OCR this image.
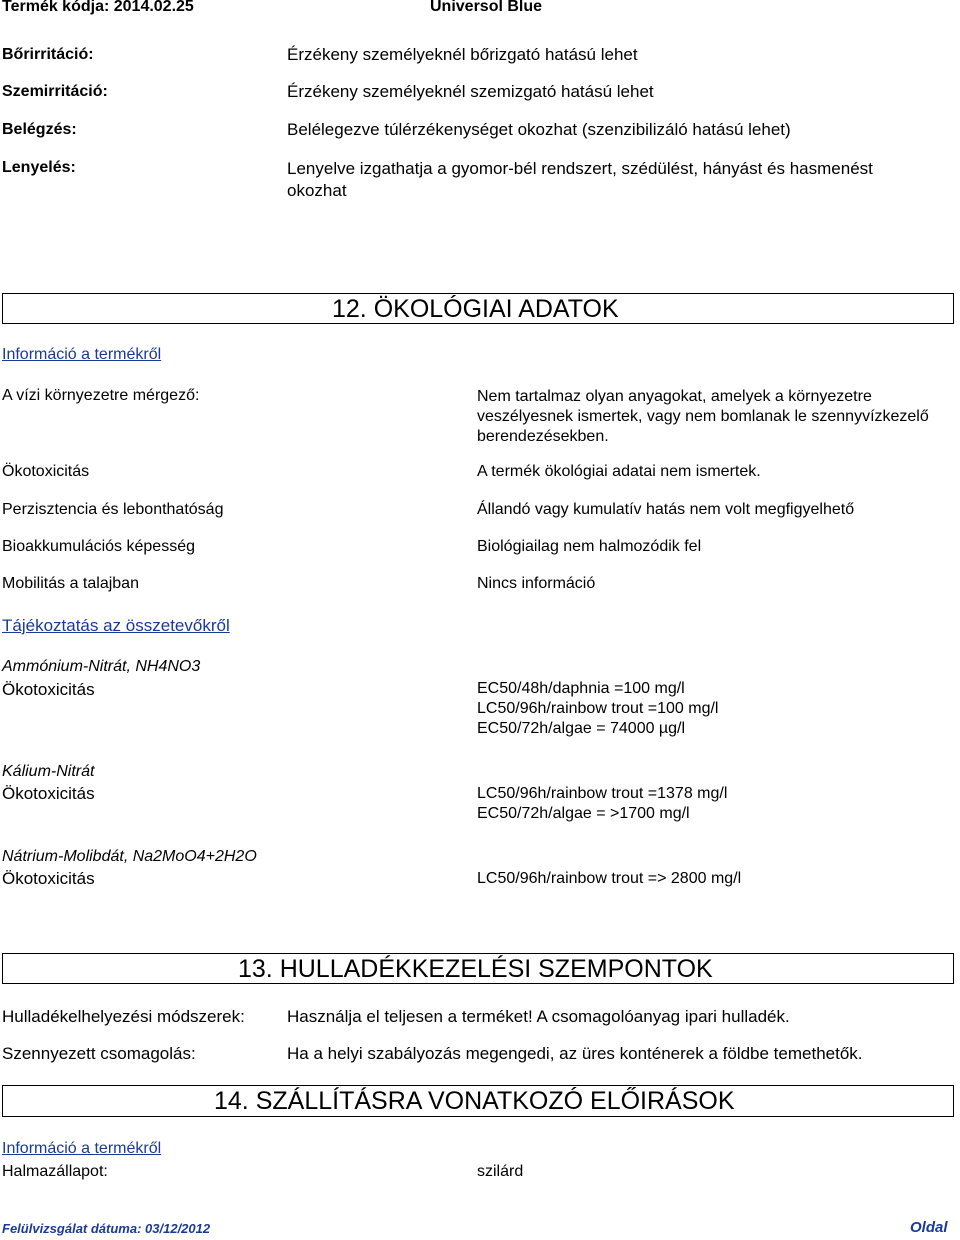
Termék kódja: 2014.02.25	Universol Blue
Bőrirritáció:	Érzékeny személyeknél bőrizgató hatású lehet
Szemirritáció:	Érzékeny személyeknél szemizgató hatású lehet
Belégzés:	Belélegezve túlérzékenységet okozhat (szenzibilizáló hatású lehet)
Lenyelés:	Lenyelve izgathatja a gyomor-bél rendszert, szédülést, hányást és hasmenést okozhat
12. ÖKOLÓGIAI ADATOK
Információ a termékről
A vízi környezetre mérgező:	Nem tartalmaz olyan anyagokat, amelyek a környezetre veszélyesnek ismertek, vagy nem bomlanak le szennyvízkezelő berendezésekben.
Ökotoxicitás	A termék ökológiai adatai nem ismertek.
Perzisztencia és lebonthatóság	Állandó vagy kumulatív hatás nem volt megfigyelhető
Bioakkumulációs képesség	Biológiailag nem halmozódik fel
Mobilitás a talajban	Nincs információ
Tájékoztatás az összetevőkről
Ammónium-Nitrát, NH4NO3
Ökotoxicitás	EC50/48h/daphnia =100 mg/l
LC50/96h/rainbow trout =100 mg/l
EC50/72h/algae = 74000 µg/l
Kálium-Nitrát
Ökotoxicitás	LC50/96h/rainbow trout =1378 mg/l
EC50/72h/algae = >1700 mg/l
Nátrium-Molibdát, Na2MoO4+2H2O
Ökotoxicitás	LC50/96h/rainbow trout => 2800 mg/l
13. HULLADÉKKEZELÉSI SZEMPONTOK
Hulladékelhelyezési módszerek: Használja el teljesen a terméket! A csomagolóanyag ipari hulladék.
Szennyezett csomagolás:	Ha a helyi szabályozás megengedi, az üres konténerek a földbe temethetők.
14. SZÁLLÍTÁSRA VONATKOZÓ ELŐIRÁSOK
Információ a termékről
Halmazállapot:	szilárd
Felülvizsgálat dátuma: 03/12/2012	Oldal
